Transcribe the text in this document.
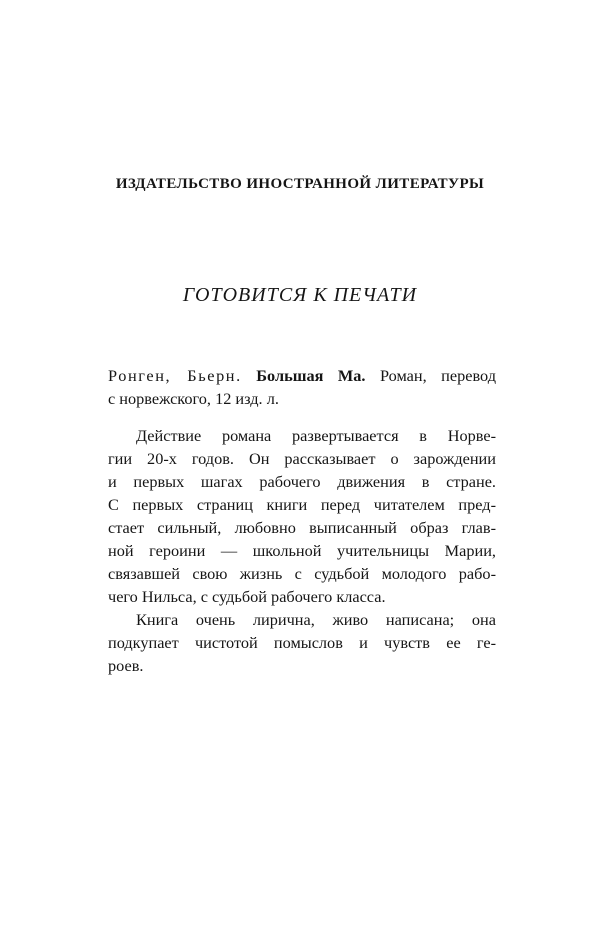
ИЗДАТЕЛЬСТВО ИНОСТРАННОЙ ЛИТЕРАТУРЫ
ГОТОВИТСЯ К ПЕЧАТИ
Ронген, Бьерн. Большая Ма. Роман, перевод
с норвежского, 12 изд. л.
Действие романа развертывается в Норве-
гии 20-х годов. Он рассказывает о зарождении
и первых шагах рабочего движения в стране.
С первых страниц книги перед читателем пред-
стает сильный, любовно выписанный образ глав-
ной героини — школьной учительницы Марии,
связавшей свою жизнь с судьбой молодого рабо-
чего Нильса, с судьбой рабочего класса.
Книга очень лирична, живо написана; она
подкупает чистотой помыслов и чувств ее ге-
роев.
